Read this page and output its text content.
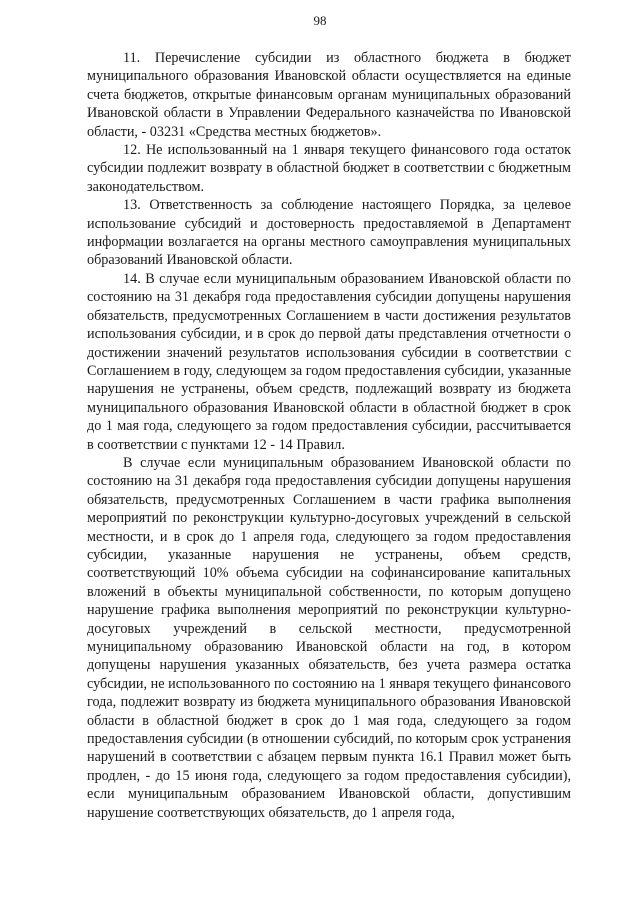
98

11. Перечисление субсидии из областного бюджета в бюджет муниципального образования Ивановской области осуществляется на единые счета бюджетов, открытые финансовым органам муниципальных образований Ивановской области в Управлении Федерального казначейства по Ивановской области, - 03231 «Средства местных бюджетов».

12. Не использованный на 1 января текущего финансового года остаток субсидии подлежит возврату в областной бюджет в соответствии с бюджетным законодательством.

13. Ответственность за соблюдение настоящего Порядка, за целевое использование субсидий и достоверность предоставляемой в Департамент информации возлагается на органы местного самоуправления муниципальных образований Ивановской области.

14. В случае если муниципальным образованием Ивановской области по состоянию на 31 декабря года предоставления субсидии допущены нарушения обязательств, предусмотренных Соглашением в части достижения результатов использования субсидии, и в срок до первой даты представления отчетности о достижении значений результатов использования субсидии в соответствии с Соглашением в году, следующем за годом предоставления субсидии, указанные нарушения не устранены, объем средств, подлежащий возврату из бюджета муниципального образования Ивановской области в областной бюджет в срок до 1 мая года, следующего за годом предоставления субсидии, рассчитывается в соответствии с пунктами 12 - 14 Правил.

В случае если муниципальным образованием Ивановской области по состоянию на 31 декабря года предоставления субсидии допущены нарушения обязательств, предусмотренных Соглашением в части графика выполнения мероприятий по реконструкции культурно-досуговых учреждений в сельской местности, и в срок до 1 апреля года, следующего за годом предоставления субсидии, указанные нарушения не устранены, объем средств, соответствующий 10% объема субсидии на софинансирование капитальных вложений в объекты муниципальной собственности, по которым допущено нарушение графика выполнения мероприятий по реконструкции культурно-досуговых учреждений в сельской местности, предусмотренной муниципальному образованию Ивановской области на год, в котором допущены нарушения указанных обязательств, без учета размера остатка субсидии, не использованного по состоянию на 1 января текущего финансового года, подлежит возврату из бюджета муниципального образования Ивановской области в областной бюджет в срок до 1 мая года, следующего за годом предоставления субсидии (в отношении субсидий, по которым срок устранения нарушений в соответствии с абзацем первым пункта 16.1 Правил может быть продлен, - до 15 июня года, следующего за годом предоставления субсидии), если муниципальным образованием Ивановской области, допустившим нарушение соответствующих обязательств, до 1 апреля года,
